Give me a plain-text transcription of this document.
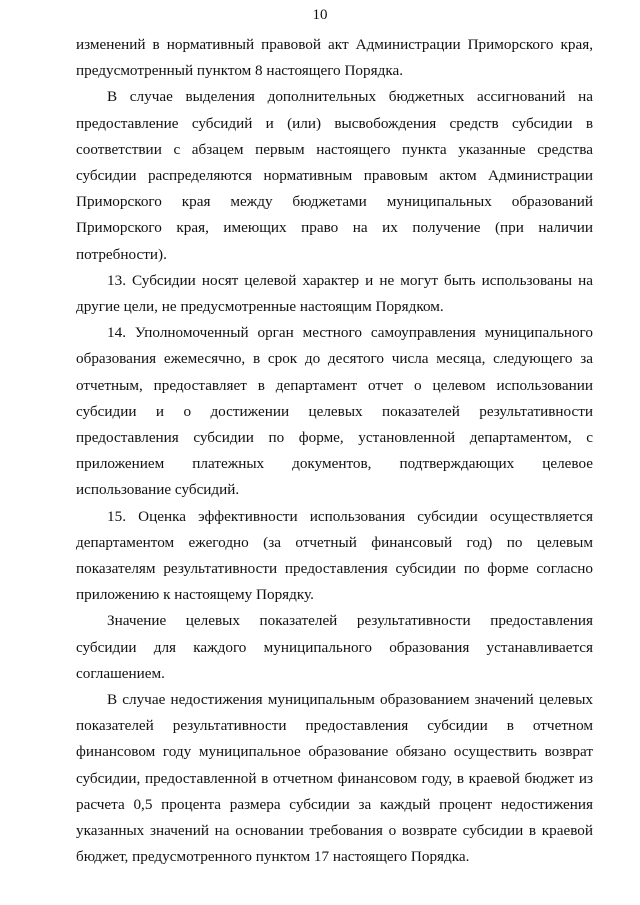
10

изменений в нормативный правовой акт Администрации Приморского края, предусмотренный пунктом 8 настоящего Порядка.

В случае выделения дополнительных бюджетных ассигнований на предоставление субсидий и (или) высвобождения средств субсидии в соответствии с абзацем первым настоящего пункта указанные средства субсидии распределяются нормативным правовым актом Администрации Приморского края между бюджетами муниципальных образований Приморского края, имеющих право на их получение (при наличии потребности).

13. Субсидии носят целевой характер и не могут быть использованы на другие цели, не предусмотренные настоящим Порядком.

14. Уполномоченный орган местного самоуправления муниципального образования ежемесячно, в срок до десятого числа месяца, следующего за отчетным, предоставляет в департамент отчет о целевом использовании субсидии и о достижении целевых показателей результативности предоставления субсидии по форме, установленной департаментом, с приложением платежных документов, подтверждающих целевое использование субсидий.

15. Оценка эффективности использования субсидии осуществляется департаментом ежегодно (за отчетный финансовый год) по целевым показателям результативности предоставления субсидии по форме согласно приложению к настоящему Порядку.

Значение целевых показателей результативности предоставления субсидии для каждого муниципального образования устанавливается соглашением.

В случае недостижения муниципальным образованием значений целевых показателей результативности предоставления субсидии в отчетном финансовом году муниципальное образование обязано осуществить возврат субсидии, предоставленной в отчетном финансовом году, в краевой бюджет из расчета 0,5 процента размера субсидии за каждый процент недостижения указанных значений на основании требования о возврате субсидии в краевой бюджет, предусмотренного пунктом 17 настоящего Порядка.
